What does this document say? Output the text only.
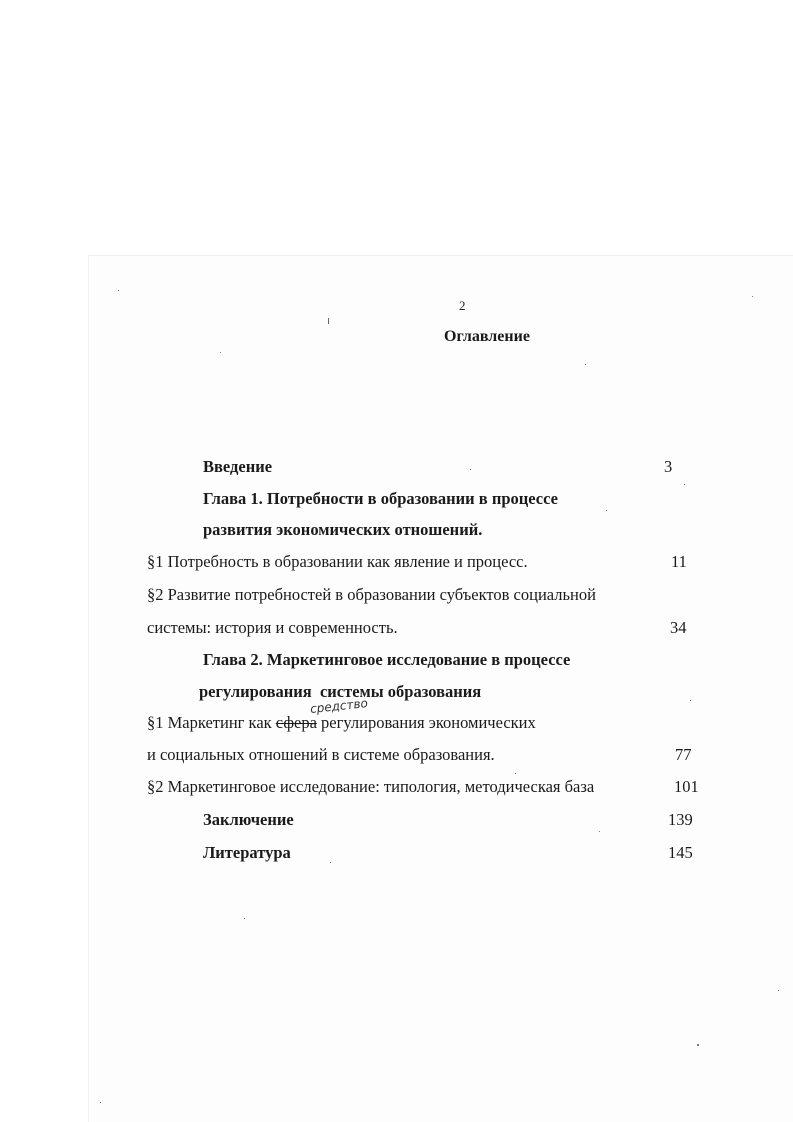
2
Оглавление
Введение	3
Глава 1. Потребности в образовании в процессе
развития экономических отношений.
§1 Потребность в образовании как явление и процесс.	11
§2 Развитие потребностей в образовании субъектов социальной
системы: история и современность.	34
Глава 2. Маркетинговое исследование в процессе
регулирования  системы образования
средство
§1 Маркетинг как сфера регулирования экономических
и социальных отношений в системе образования.	77
§2 Маркетинговое исследование: типология, методическая база	101
Заключение	139
Литература	145
